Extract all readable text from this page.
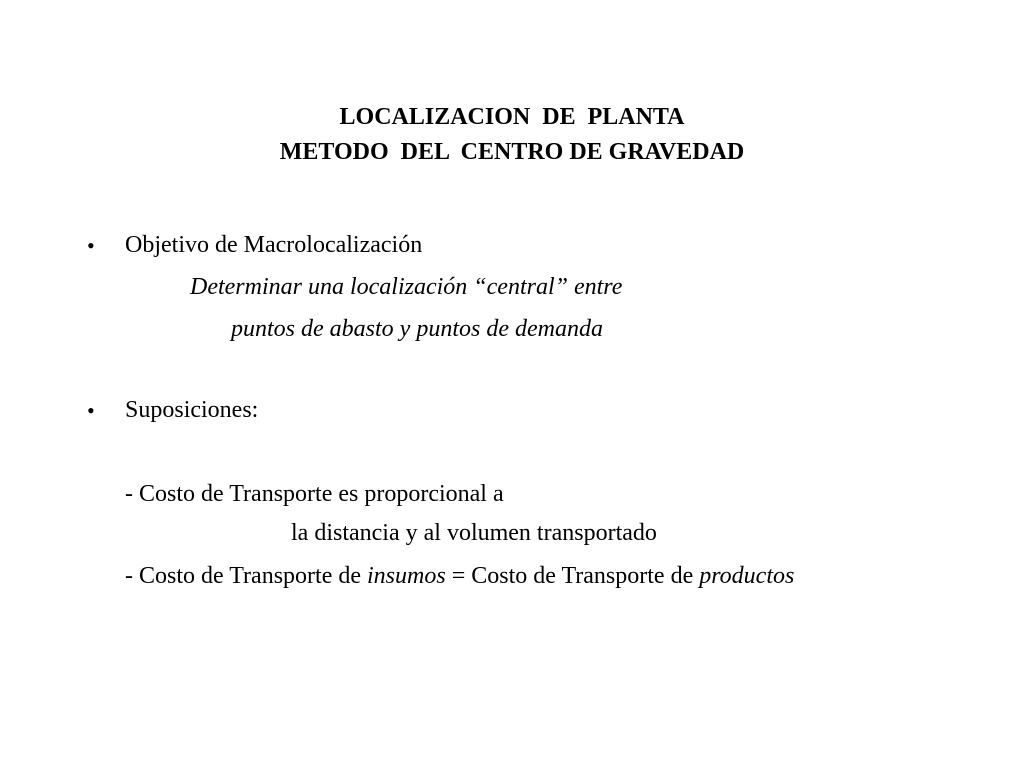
LOCALIZACION  DE  PLANTA
METODO  DEL  CENTRO DE GRAVEDAD
• Objetivo de Macrolocalización
Determinar una localización “central” entre
puntos de abasto y puntos de demanda
• Suposiciones:
- Costo de Transporte es proporcional a
la distancia y al volumen transportado
- Costo de Transporte de insumos = Costo de Transporte de productos
